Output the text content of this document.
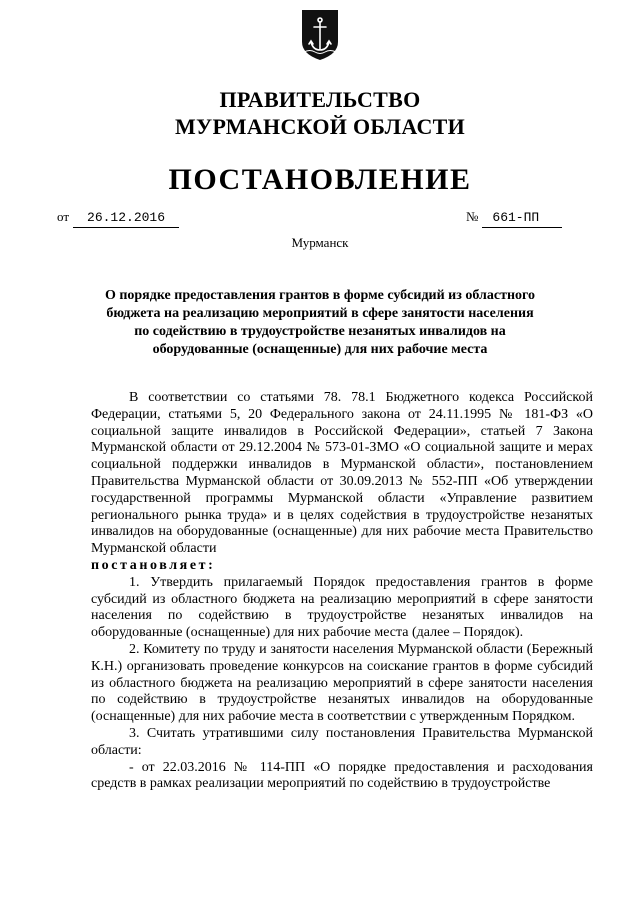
ПРАВИТЕЛЬСТВО
МУРМАНСКОЙ ОБЛАСТИ
ПОСТАНОВЛЕНИЕ
от 26.12.2016	№ 661-ПП
Мурманск
О порядке предоставления грантов в форме субсидий из областного бюджета на реализацию мероприятий в сфере занятости населения по содействию в трудоустройстве незанятых инвалидов на оборудованные (оснащенные) для них рабочие места

В соответствии со статьями 78. 78.1 Бюджетного кодекса Российской Федерации, статьями 5, 20 Федерального закона от 24.11.1995 № 181-ФЗ «О социальной защите инвалидов в Российской Федерации», статьей 7 Закона Мурманской области от 29.12.2004 № 573-01-ЗМО «О социальной защите и мерах социальной поддержки инвалидов в Мурманской области», постановлением Правительства Мурманской области от 30.09.2013 № 552-ПП «Об утверждении государственной программы Мурманской области «Управление развитием регионального рынка труда» и в целях содействия в трудоустройстве незанятых инвалидов на оборудованные (оснащенные) для них рабочие места Правительство Мурманской области

постановляет:

1. Утвердить прилагаемый Порядок предоставления грантов в форме субсидий из областного бюджета на реализацию мероприятий в сфере занятости населения по содействию в трудоустройстве незанятых инвалидов на оборудованные (оснащенные) для них рабочие места (далее – Порядок).

2. Комитету по труду и занятости населения Мурманской области (Бережный К.Н.) организовать проведение конкурсов на соискание грантов в форме субсидий из областного бюджета на реализацию мероприятий в сфере занятости населения по содействию в трудоустройстве незанятых инвалидов на оборудованные (оснащенные) для них рабочие места в соответствии с утвержденным Порядком.

3. Считать утратившими силу постановления Правительства Мурманской области:

- от 22.03.2016 № 114-ПП «О порядке предоставления и расходования средств в рамках реализации мероприятий по содействию в трудоустройстве
